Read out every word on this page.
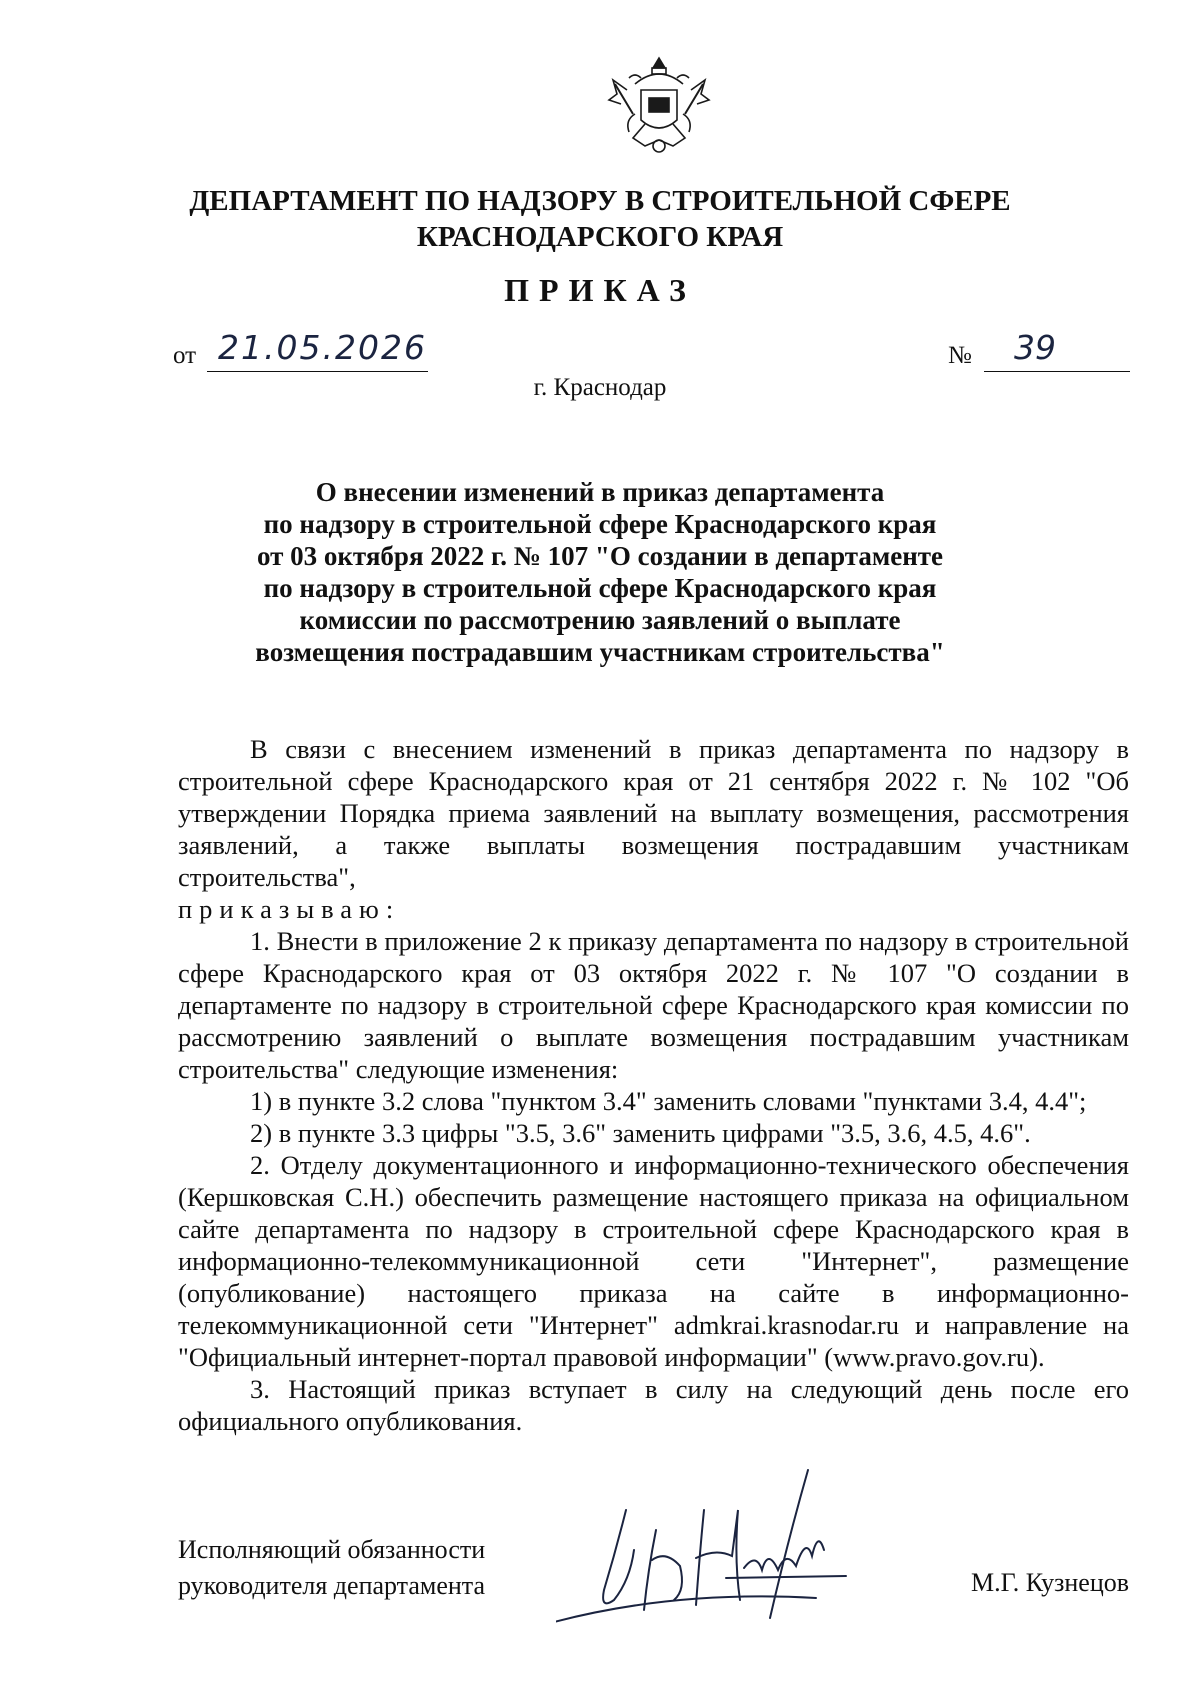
ДЕПАРТАМЕНТ ПО НАДЗОРУ В СТРОИТЕЛЬНОЙ СФЕРЕ
КРАСНОДАРСКОГО КРАЯ
ПРИКАЗ
от 21.05.2026	№ 39
г. Краснодар
О внесении изменений в приказ департамента
по надзору в строительной сфере Краснодарского края
от 03 октября 2022 г. № 107 "О создании в департаменте
по надзору в строительной сфере Краснодарского края
комиссии по рассмотрению заявлений о выплате
возмещения пострадавшим участникам строительства"
В связи с внесением изменений в приказ департамента по надзору в строительной сфере Краснодарского края от 21 сентября 2022 г. № 102 "Об утверждении Порядка приема заявлений на выплату возмещения, рассмотрения заявлений, а также выплаты возмещения пострадавшим участникам строительства",
приказываю:
1. Внести в приложение 2 к приказу департамента по надзору в строительной сфере Краснодарского края от 03 октября 2022 г. № 107 "О создании в департаменте по надзору в строительной сфере Краснодарского края комиссии по рассмотрению заявлений о выплате возмещения пострадавшим участникам строительства" следующие изменения:
1) в пункте 3.2 слова "пунктом 3.4" заменить словами "пунктами 3.4, 4.4";
2) в пункте 3.3 цифры "3.5, 3.6" заменить цифрами "3.5, 3.6, 4.5, 4.6".
2. Отделу документационного и информационно-технического обеспечения (Кершковская С.Н.) обеспечить размещение настоящего приказа на официальном сайте департамента по надзору в строительной сфере Краснодарского края в информационно-телекоммуникационной сети "Интернет", размещение (опубликование) настоящего приказа на сайте в информационно-телекоммуникационной сети "Интернет" admkrai.krasnodar.ru и направление на "Официальный интернет-портал правовой информации" (www.pravo.gov.ru).
3. Настоящий приказ вступает в силу на следующий день после его официального опубликования.
Исполняющий обязанности
руководителя департамента	М.Г. Кузнецов
